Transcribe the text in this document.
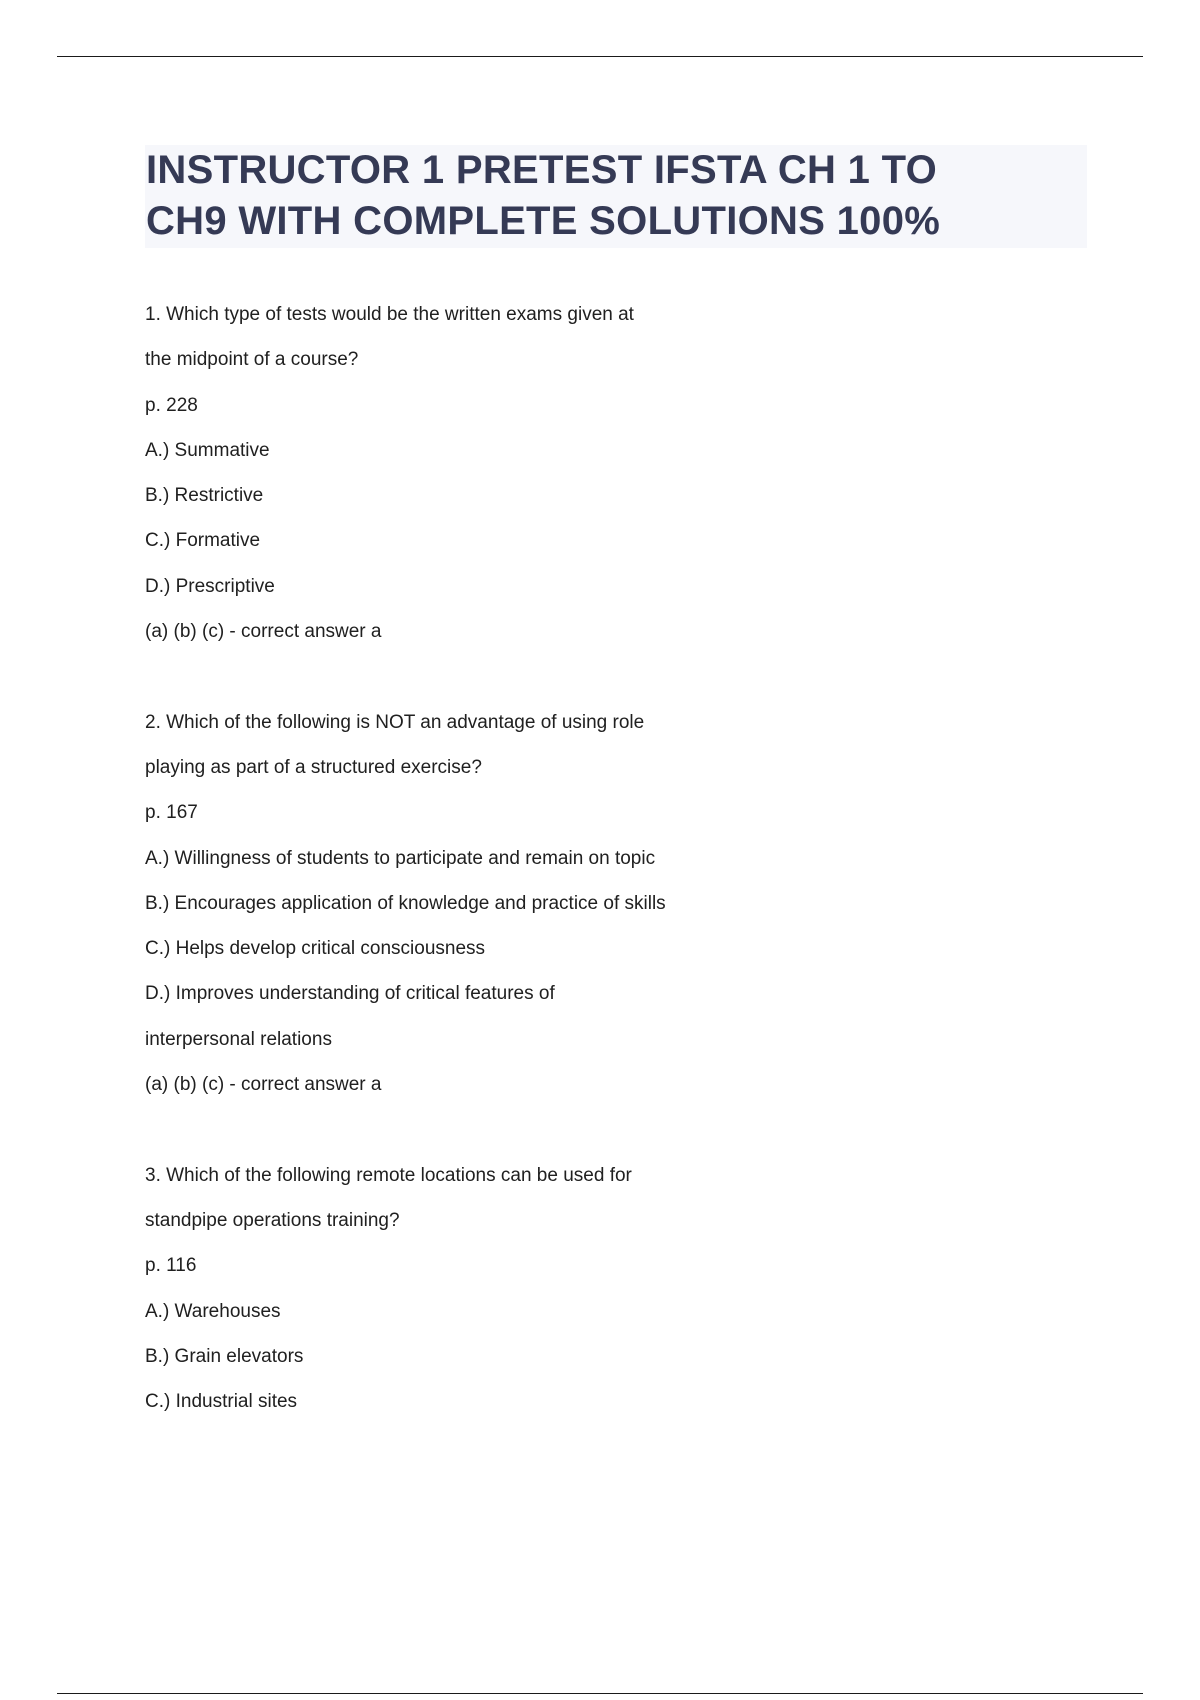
INSTRUCTOR 1 PRETEST IFSTA CH 1 TO
CH9 WITH COMPLETE SOLUTIONS 100%
1. Which type of tests would be the written exams given at
the midpoint of a course?
p. 228
A.) Summative
B.) Restrictive
C.) Formative
D.) Prescriptive
(a) (b) (c) - correct answer a
2. Which of the following is NOT an advantage of using role
playing as part of a structured exercise?
p. 167
A.) Willingness of students to participate and remain on topic
B.) Encourages application of knowledge and practice of skills
C.) Helps develop critical consciousness
D.) Improves understanding of critical features of
interpersonal relations
(a) (b) (c) - correct answer a
3. Which of the following remote locations can be used for
standpipe operations training?
p. 116
A.) Warehouses
B.) Grain elevators
C.) Industrial sites
